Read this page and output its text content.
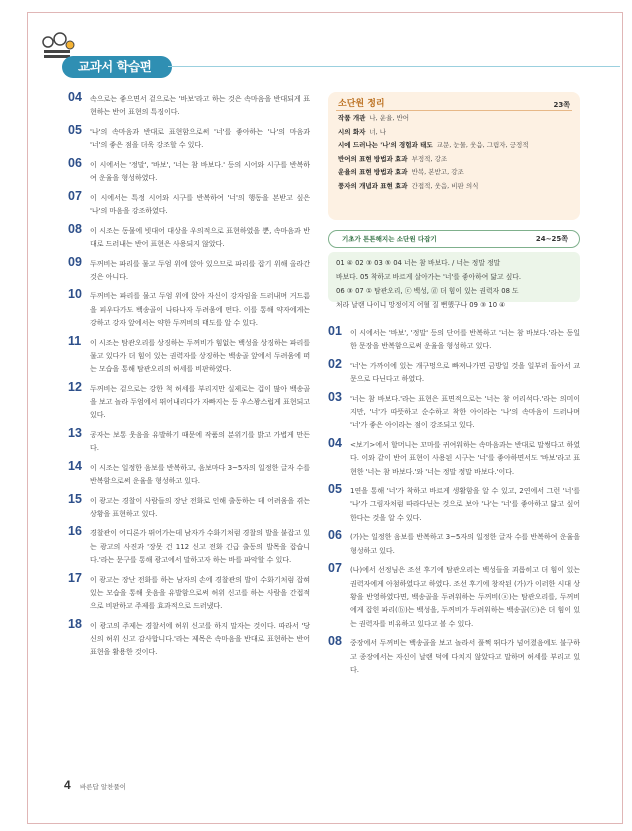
교과서 학습편
04 속으로는 좋으면서 겉으로는 '바보'라고 하는 것은 속마음을 반대되게 표현하는 반어 표현의 특징이다.
05 '나'의 속마음과 반대로 표현함으로써 '너'를 좋아하는 '나'의 마음과 '너'의 좋은 점을 더욱 강조할 수 있다.
06 이 시에서는 '정말', '바보', '너는 참 바보다.' 등의 시어와 시구를 반복하여 운율을 형성하였다.
07 이 시에서는 특정 시어와 시구를 반복하여 '너'의 행동을 본받고 싶은 '나'의 마음을 강조하였다.
08 이 시조는 동물에 빗대어 대상을 우의적으로 표현하였을 뿐, 속마음과 반대로 드러내는 반어 표현은 사용되지 않았다.
09 두꺼비는 파리를 물고 두엄 위에 앉아 있으므로 파리를 잡기 위해 올라간 것은 아니다.
10 두꺼비는 파리를 물고 두엄 위에 앉아 자신이 강자임을 드러내며 거드름을 피우다가도 백송골이 나타나자 두려움에 떤다. 이를 통해 약자에게는 강하고 강자 앞에서는 약한 두꺼비의 태도를 알 수 있다.
11 이 시조는 탐관오리를 상징하는 두꺼비가 힘없는 백성을 상징하는 파리를 물고 있다가 더 힘이 있는 권력자를 상징하는 백송골 앞에서 두려움에 떠는 모습을 통해 탐관오리의 허세를 비판하였다.
12 두꺼비는 겉으로는 강한 척 허세를 부리지만 실제로는 겁이 많아 백송골을 보고 놀라 두엄에서 뛰어내리다가 자빠지는 등 우스꽝스럽게 표현되고 있다.
13 공자는 보통 웃음을 유발하기 때문에 작품의 분위기를 밝고 가볍게 만든다.
14 이 시조는 일정한 음보를 반복하고, 음보마다 3~5자의 일정한 글자 수를 반복함으로써 운율을 형성하고 있다.
15 이 광고는 경찰이 사람들의 장난 전화로 인해 출동하는 데 어려움을 겪는 상황을 표현하고 있다.
16 경찰관이 어디론가 뛰어가는데 남자가 수화기처럼 경찰의 발을 붙잡고 있는 광고의 사진과 '장못 건 112 신고 전화 긴급 출동의 발목을 잡습니다.'라는 문구를 통해 광고에서 말하고자 하는 바를 파악할 수 있다.
17 이 광고는 장난 전화를 하는 남자의 손에 경찰관의 발이 수화기처럼 잡혀 있는 모습을 통해 웃음을 유발함으로써 허위 신고를 하는 사람을 간접적으로 비판하고 주제를 효과적으로 드러냈다.
18 이 광고의 주제는 경찰서에 허위 신고를 하지 말자는 것이다. 따라서 '당신의 허위 신고 감사합니다.'라는 제목은 속마음을 반대로 표현하는 반어 표현을 활용한 것이다.
소단원 정리	23쪽
작품 개관 나, 운율, 반어
시의 화자 너, 나
시에 드러나는 '나'의 경험과 태도 교문, 눈물, 웃음, 그림자, 긍정적
반어의 표현 방법과 효과 부정적, 강조
운율의 표현 방법과 효과 반복, 본받고, 강조
풍자의 개념과 표현 효과 간접적, 웃음, 비판 의식
기초가 튼튼해지는 소단원 다잡기	24~25쪽
01 ④ 02 ③ 03 ⑤ 04 너는 참 바보다. / 너는 정말 정말
바보다. 05 착하고 바르게 살아가는 '너'를 좋아하여 닮고 싶다.
06 ③ 07 ① 탐관오리, ⓒ 백성, ⓓ 더 힘이 있는 권력자 08 도
처라 날랜 나이니 망정이지 어혈 질 뻔했구나 09 ③ 10 ④
01 이 시에서는 '바보', '정말' 등의 단어를 반복하고 '너는 참 바보다.'라는 동일한 문장을 반복함으로써 운율을 형성하고 있다.
02 '너'는 가까이에 있는 개구멍으로 빠져나가면 금방일 것을 일부러 돌아서 교문으로 다닌다고 하였다.
03 '너는 참 바보다.'라는 표현은 표면적으로는 '너는 참 어리석다.'라는 의미이지만, '너'가 따뜻하고 순수하고 착한 아이라는 '나'의 속마음이 드러나며 '너'가 좋은 아이라는 점이 강조되고 있다.
04 <보기>에서 할머니는 꼬마를 귀여워하는 속마음과는 반대로 말썽다고 하였다. 이와 같이 반어 표현이 사용된 시구는 '너'를 좋아하면서도 '바보'라고 표현한 '너는 참 바보다.'와 '너는 정말 정말 바보다.'이다.
05 1연을 통해 '너'가 착하고 바르게 생활함을 알 수 있고, 2연에서 그런 '너'를 '나'가 그림자처럼 따라다닌는 것으로 보아 '나'는 '너'를 좋아하고 닮고 싶어 한다는 것을 알 수 있다.
06 (가)는 일정한 음보를 반복하고 3~5자의 일정한 글자 수를 반복하여 운율을 형성하고 있다.
07 (나)에서 선정님은 조선 후기에 탐관오리는 백성들을 괴롭히고 더 힘이 있는 권력자에게 아첨하였다고 하였다. 조선 후기에 창작된 (가)가 이러한 시대 상황을 반영하였다면, 백송골을 두려워하는 두꺼비(ⓐ)는 탐관오리를, 두꺼비에게 잡힌 파리(ⓑ)는 백성을, 두꺼비가 두려워하는 백송골(ⓒ)은 더 힘이 있는 권력자를 비유하고 있다고 볼 수 있다.
08 중장에서 두꺼비는 백송골을 보고 놀라서 풀쩍 뛰다가 넘어졌음에도 불구하고 종장에서는 자신이 날랜 덕에 다치지 않았다고 말하며 허세를 부리고 있다.
4 바른답 알찬풀이
